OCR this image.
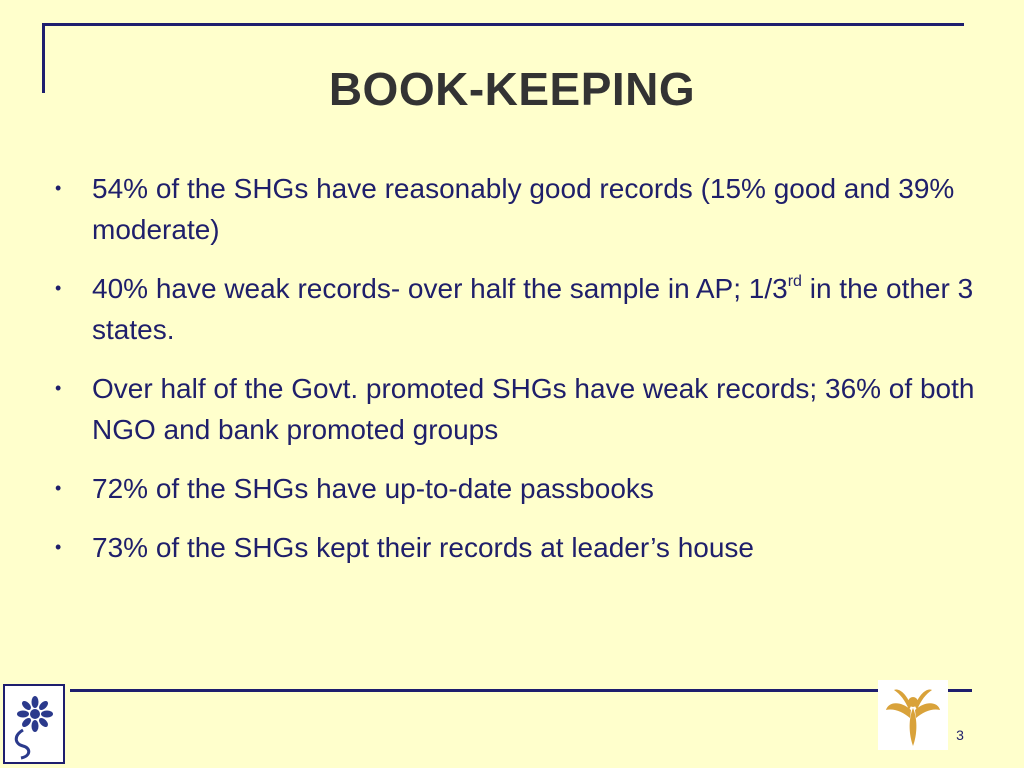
BOOK-KEEPING
• 54% of the SHGs have reasonably good records (15% good and 39% moderate)
• 40% have weak records- over half the sample in AP; 1/3rd in the other 3 states.
• Over half of the Govt. promoted SHGs have weak records; 36% of both NGO and bank promoted groups
• 72% of the SHGs have up-to-date passbooks
• 73% of the SHGs kept their records at leader’s house
3
